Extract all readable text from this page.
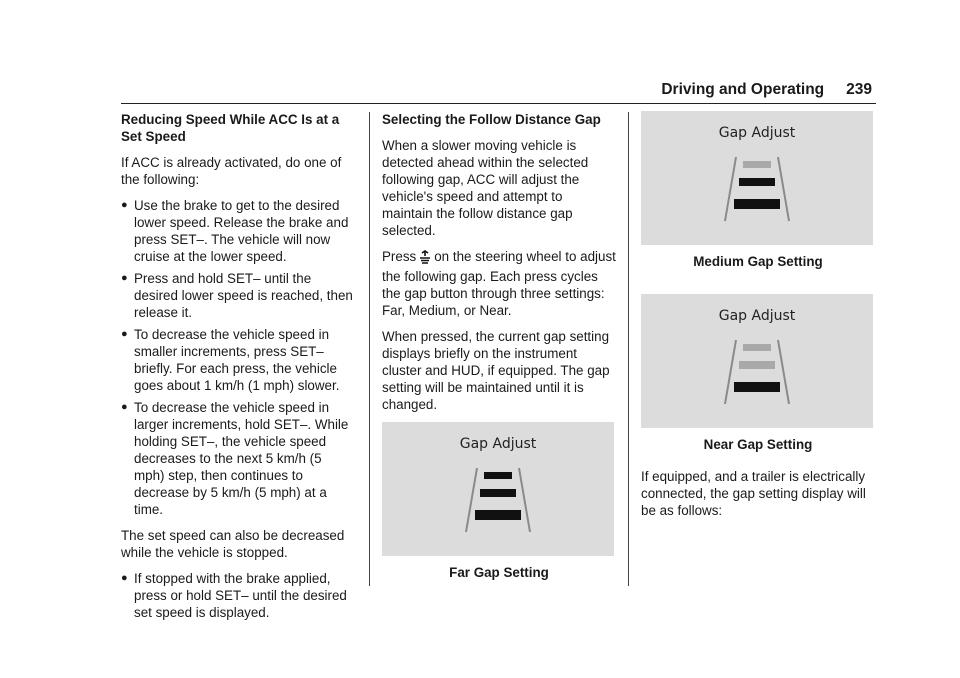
Driving and Operating 239

Reducing Speed While ACC Is at a Set Speed

If ACC is already activated, do one of the following:

● Use the brake to get to the desired lower speed. Release the brake and press SET–. The vehicle will now cruise at the lower speed.
● Press and hold SET– until the desired lower speed is reached, then release it.
● To decrease the vehicle speed in smaller increments, press SET– briefly. For each press, the vehicle goes about 1 km/h (1 mph) slower.
● To decrease the vehicle speed in larger increments, hold SET–. While holding SET–, the vehicle speed decreases to the next 5 km/h (5 mph) step, then continues to decrease by 5 km/h (5 mph) at a time.

The set speed can also be decreased while the vehicle is stopped.

● If stopped with the brake applied, press or hold SET– until the desired set speed is displayed.

Selecting the Follow Distance Gap

When a slower moving vehicle is detected ahead within the selected following gap, ACC will adjust the vehicle's speed and attempt to maintain the follow distance gap selected.

Press on the steering wheel to adjust the following gap. Each press cycles the gap button through three settings: Far, Medium, or Near.

When pressed, the current gap setting displays briefly on the instrument cluster and HUD, if equipped. The gap setting will be maintained until it is changed.

Gap Adjust

Far Gap Setting

Gap Adjust

Medium Gap Setting

Gap Adjust

Near Gap Setting

If equipped, and a trailer is electrically connected, the gap setting display will be as follows:
